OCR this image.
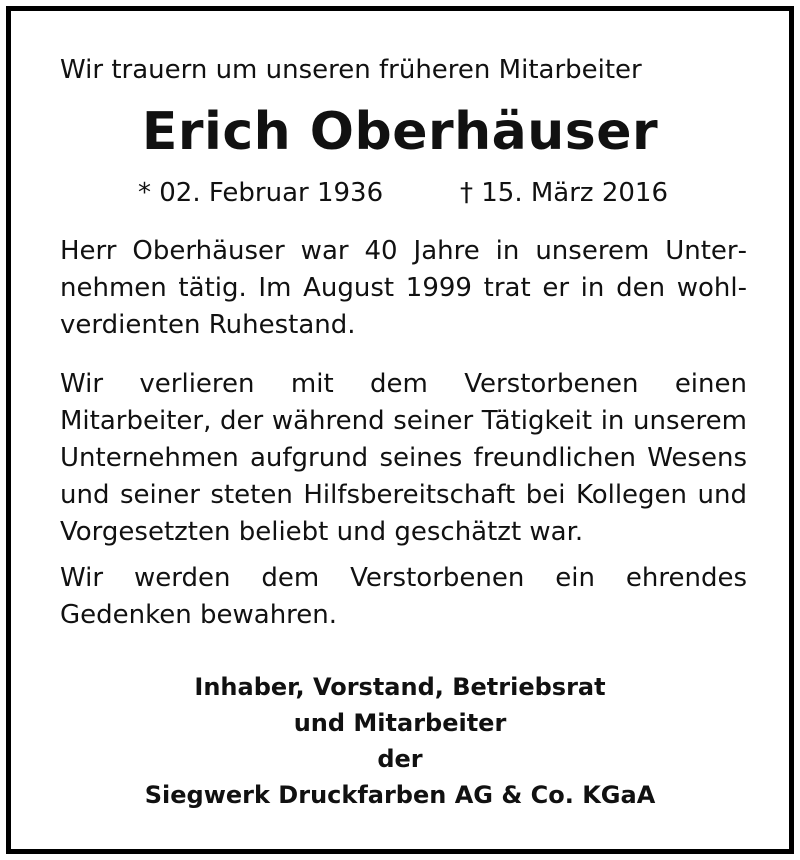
Wir trauern um unseren früheren Mitarbeiter
Erich Oberhäuser
* 02. Februar 1936	† 15. März 2016

Herr Oberhäuser war 40 Jahre in unserem Unternehmen tätig. Im August 1999 trat er in den wohlverdienten Ruhestand.

Wir verlieren mit dem Verstorbenen einen Mitarbeiter, der während seiner Tätigkeit in unserem Unternehmen aufgrund seines freundlichen Wesens und seiner steten Hilfsbereitschaft bei Kollegen und Vorgesetzten beliebt und geschätzt war.

Wir werden dem Verstorbenen ein ehrendes Gedenken bewahren.

Inhaber, Vorstand, Betriebsrat
und Mitarbeiter
der
Siegwerk Druckfarben AG & Co. KGaA
